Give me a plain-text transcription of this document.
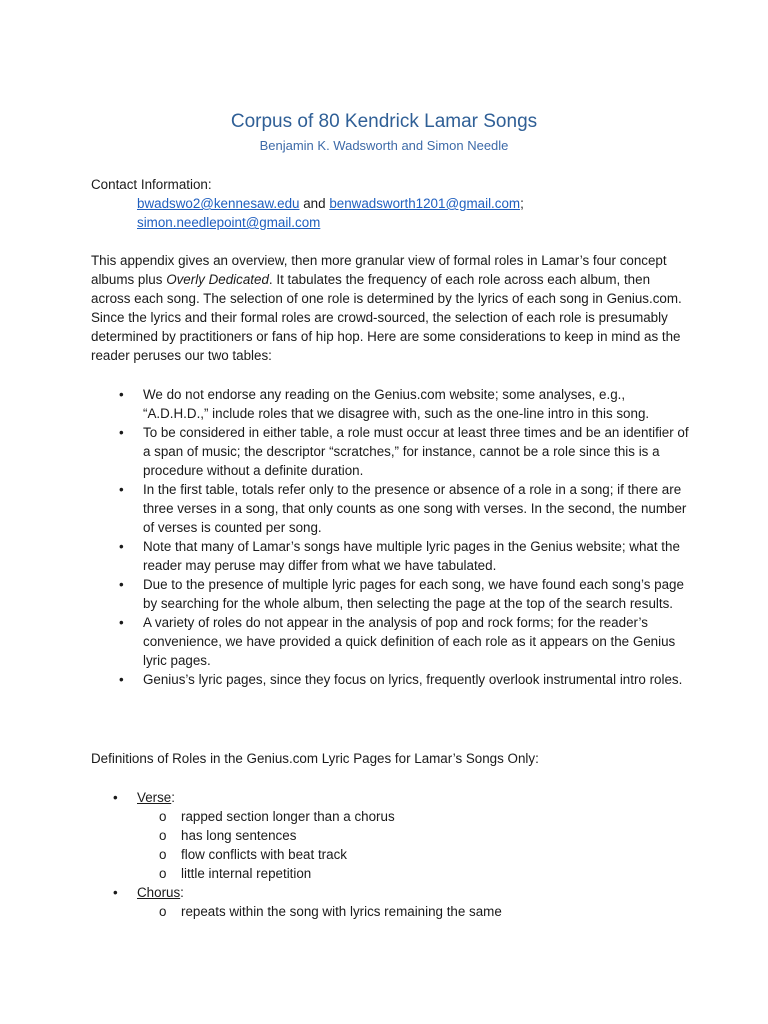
Corpus of 80 Kendrick Lamar Songs
Benjamin K. Wadsworth and Simon Needle
Contact Information:
bwadswo2@kennesaw.edu and benwadsworth1201@gmail.com;
simon.needlepoint@gmail.com
This appendix gives an overview, then more granular view of formal roles in Lamar’s four concept albums plus Overly Dedicated. It tabulates the frequency of each role across each album, then across each song. The selection of one role is determined by the lyrics of each song in Genius.com. Since the lyrics and their formal roles are crowd-sourced, the selection of each role is presumably determined by practitioners or fans of hip hop. Here are some considerations to keep in mind as the reader peruses our two tables:
• We do not endorse any reading on the Genius.com website; some analyses, e.g., “A.D.H.D.,” include roles that we disagree with, such as the one-line intro in this song.
• To be considered in either table, a role must occur at least three times and be an identifier of a span of music; the descriptor “scratches,” for instance, cannot be a role since this is a procedure without a definite duration.
• In the first table, totals refer only to the presence or absence of a role in a song; if there are three verses in a song, that only counts as one song with verses. In the second, the number of verses is counted per song.
• Note that many of Lamar’s songs have multiple lyric pages in the Genius website; what the reader may peruse may differ from what we have tabulated.
• Due to the presence of multiple lyric pages for each song, we have found each song’s page by searching for the whole album, then selecting the page at the top of the search results.
• A variety of roles do not appear in the analysis of pop and rock forms; for the reader’s convenience, we have provided a quick definition of each role as it appears on the Genius lyric pages.
• Genius’s lyric pages, since they focus on lyrics, frequently overlook instrumental intro roles.
Definitions of Roles in the Genius.com Lyric Pages for Lamar’s Songs Only:
• Verse:
o rapped section longer than a chorus
o has long sentences
o flow conflicts with beat track
o little internal repetition
• Chorus:
o repeats within the song with lyrics remaining the same
